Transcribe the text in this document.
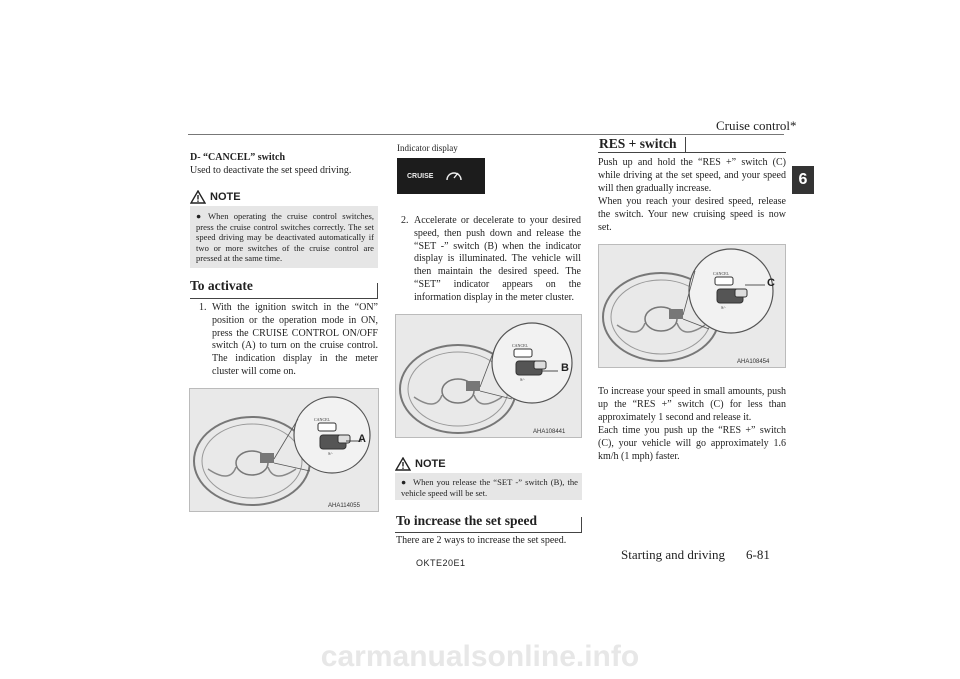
Cruise control*
6
D- “CANCEL” switch
Used to deactivate the set speed driving.
NOTE
● When operating the cruise control switches, press the cruise control switches correctly. The set speed driving may be deactivated automatically if two or more switches of the cruise control are pressed at the same time.
To activate
1. With the ignition switch in the “ON” position or the operation mode in ON, press the CRUISE CONTROL ON/OFF switch (A) to turn on the cruise control. The indication display in the meter cluster will come on.
CANCEL
S/-
A
AHA114055
Indicator display
CRUISE
2. Accelerate or decelerate to your desired speed, then push down and release the “SET -” switch (B) when the indicator display is illuminated. The vehicle will then maintain the desired speed. The “SET” indicator appears on the information display in the meter cluster.
CANCEL
S/-
B
AHA108441
NOTE
● When you release the “SET -” switch (B), the vehicle speed will be set.
To increase the set speed
There are 2 ways to increase the set speed.
RES + switch
Push up and hold the “RES +” switch (C) while driving at the set speed, and your speed will then gradually increase.
When you reach your desired speed, release the switch. Your new cruising speed is now set.
CANCEL
S/-
C
AHA108454
To increase your speed in small amounts, push up the “RES +” switch (C) for less than approximately 1 second and release it.
Each time you push up the “RES +” switch (C), your vehicle will go approximately 1.6 km/h (1 mph) faster.
OKTE20E1
Starting and driving 6-81
carmanualsonline.info
